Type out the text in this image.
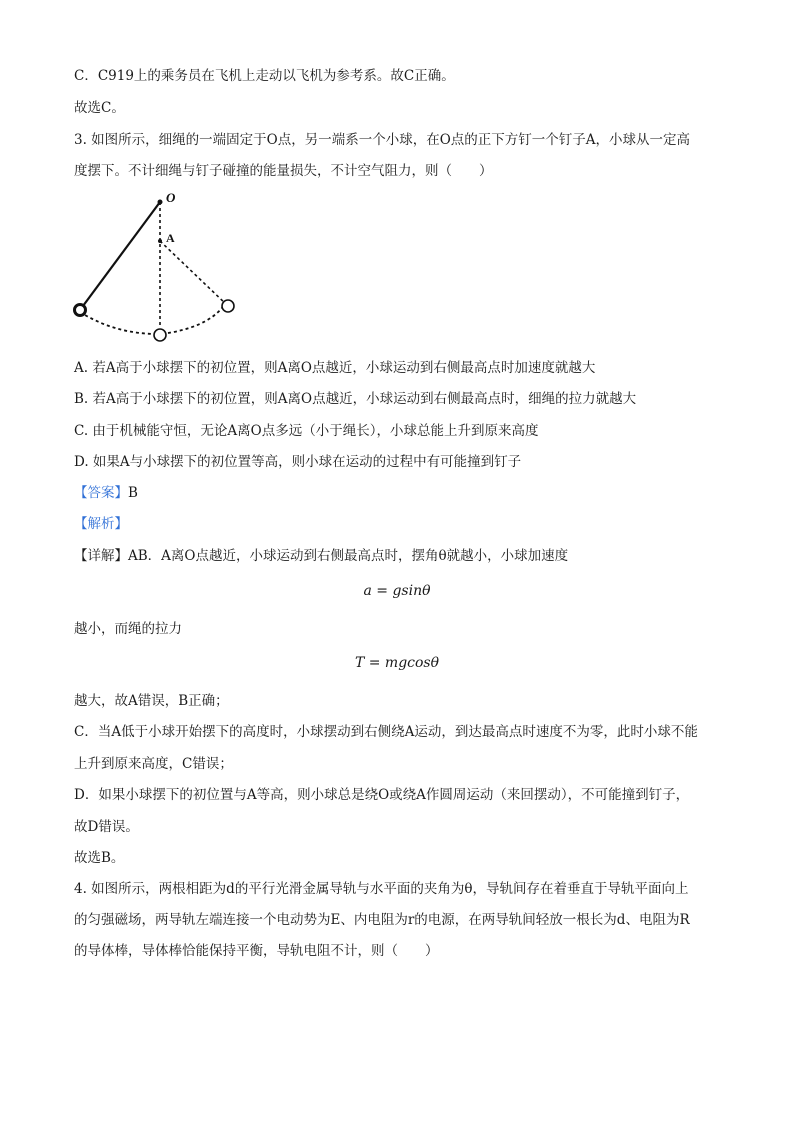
C．C919上的乘务员在飞机上走动以飞机为参考系。故C正确。
故选C。
3. 如图所示，细绳的一端固定于O点，另一端系一个小球，在O点的正下方钉一个钉子A，小球从一定高
度摆下。不计细绳与钉子碰撞的能量损失，不计空气阻力，则（　　）
O
A
A. 若A高于小球摆下的初位置，则A离O点越近，小球运动到右侧最高点时加速度就越大
B. 若A高于小球摆下的初位置，则A离O点越近，小球运动到右侧最高点时，细绳的拉力就越大
C. 由于机械能守恒，无论A离O点多远（小于绳长），小球总能上升到原来高度
D. 如果A与小球摆下的初位置等高，则小球在运动的过程中有可能撞到钉子
【答案】B
【解析】
【详解】AB．A离O点越近，小球运动到右侧最高点时，摆角θ就越小，小球加速度
a = gsinθ
越小，而绳的拉力
T = mgcosθ
越大，故A错误，B正确；
C．当A低于小球开始摆下的高度时，小球摆动到右侧绕A运动，到达最高点时速度不为零，此时小球不能
上升到原来高度，C错误；
D．如果小球摆下的初位置与A等高，则小球总是绕O或绕A作圆周运动（来回摆动），不可能撞到钉子，
故D错误。
故选B。
4. 如图所示，两根相距为d的平行光滑金属导轨与水平面的夹角为θ，导轨间存在着垂直于导轨平面向上
的匀强磁场，两导轨左端连接一个电动势为E、内电阻为r的电源，在两导轨间轻放一根长为d、电阻为R
的导体棒，导体棒恰能保持平衡，导轨电阻不计，则（　　）
